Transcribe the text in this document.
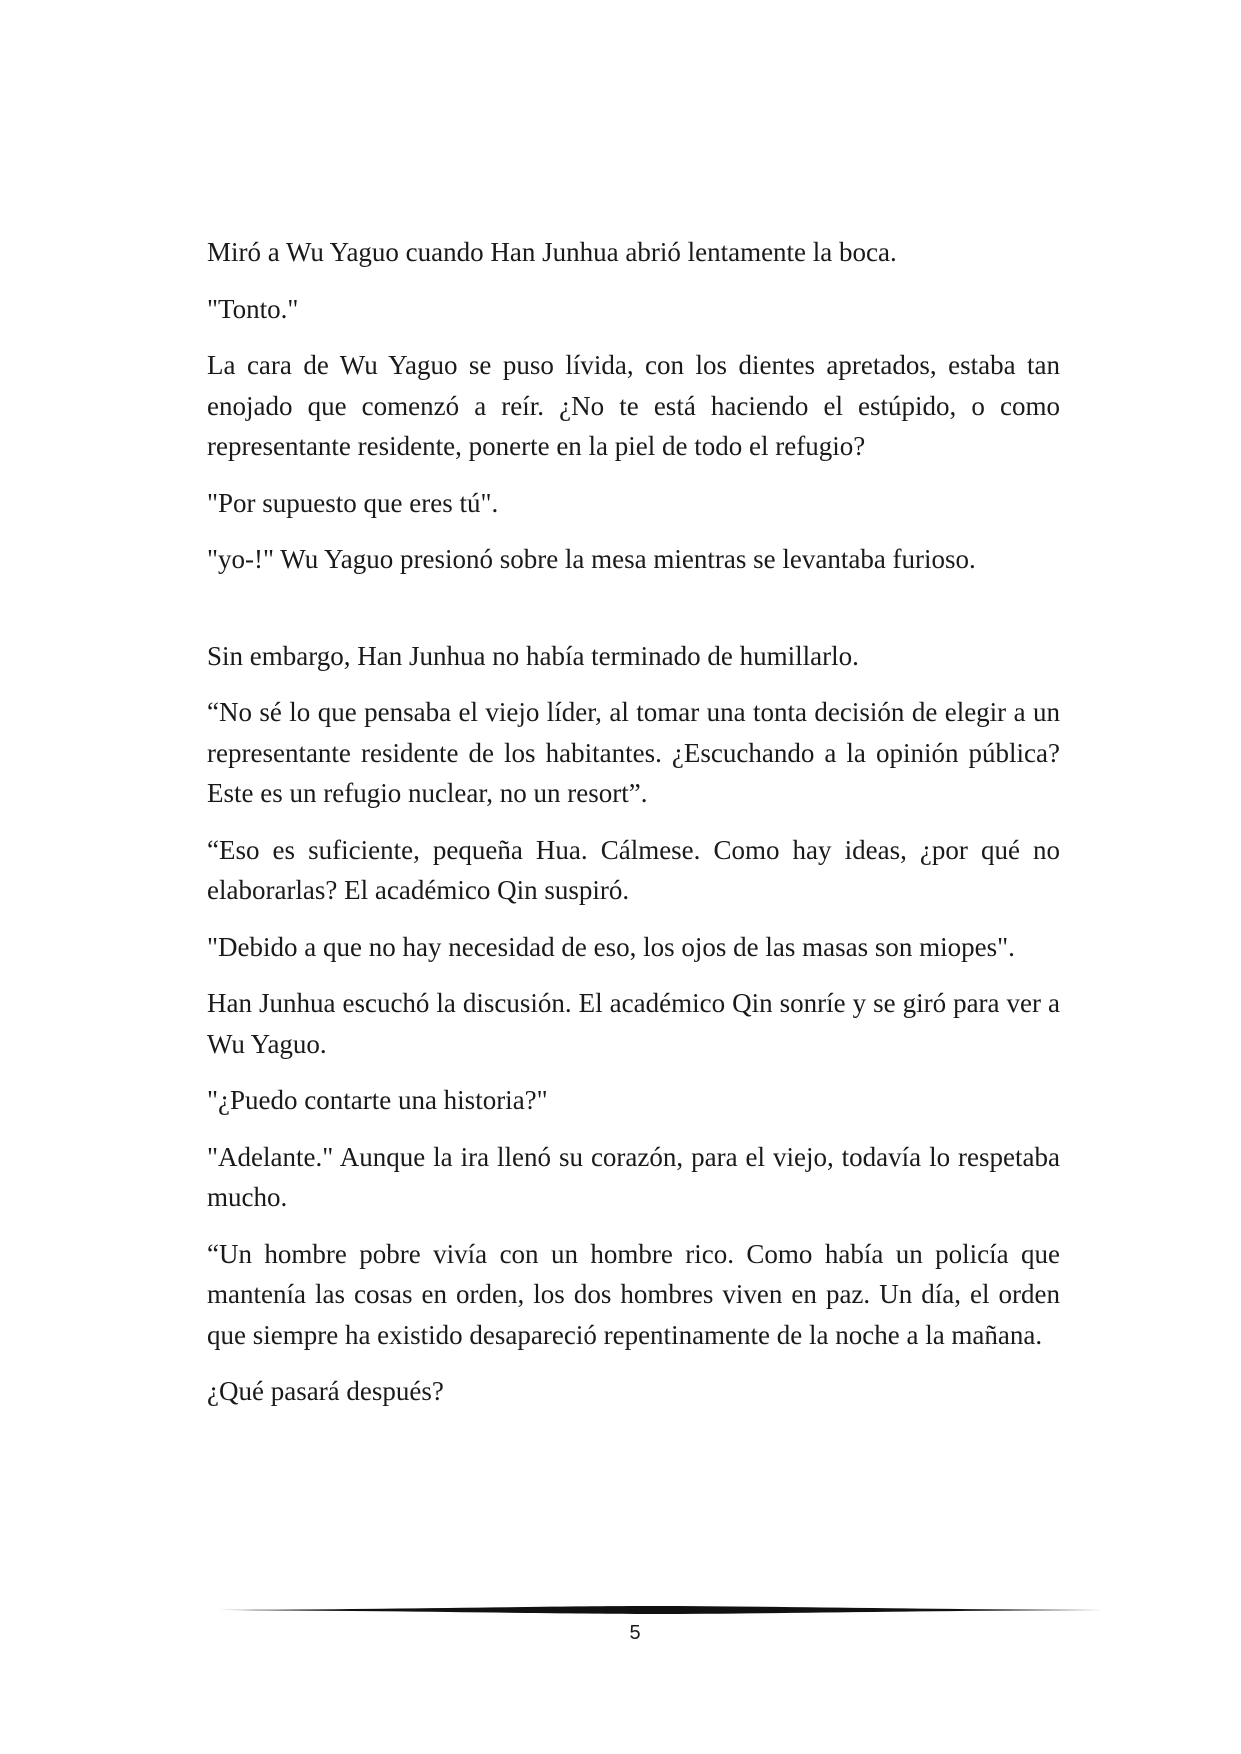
Miró a Wu Yaguo cuando Han Junhua abrió lentamente la boca.

"Tonto."

La cara de Wu Yaguo se puso lívida, con los dientes apretados, estaba tan enojado que comenzó a reír. ¿No te está haciendo el estúpido, o como representante residente, ponerte en la piel de todo el refugio?

"Por supuesto que eres tú".

"yo-!" Wu Yaguo presionó sobre la mesa mientras se levantaba furioso.

Sin embargo, Han Junhua no había terminado de humillarlo.

“No sé lo que pensaba el viejo líder, al tomar una tonta decisión de elegir a un representante residente de los habitantes. ¿Escuchando a la opinión pública? Este es un refugio nuclear, no un resort”.

“Eso es suficiente, pequeña Hua. Cálmese. Como hay ideas, ¿por qué no elaborarlas? El académico Qin suspiró.

"Debido a que no hay necesidad de eso, los ojos de las masas son miopes".

Han Junhua escuchó la discusión. El académico Qin sonríe y se giró para ver a Wu Yaguo.

"¿Puedo contarte una historia?"

"Adelante." Aunque la ira llenó su corazón, para el viejo, todavía lo respetaba mucho.

“Un hombre pobre vivía con un hombre rico. Como había un policía que mantenía las cosas en orden, los dos hombres viven en paz. Un día, el orden que siempre ha existido desapareció repentinamente de la noche a la mañana.

¿Qué pasará después?

5
